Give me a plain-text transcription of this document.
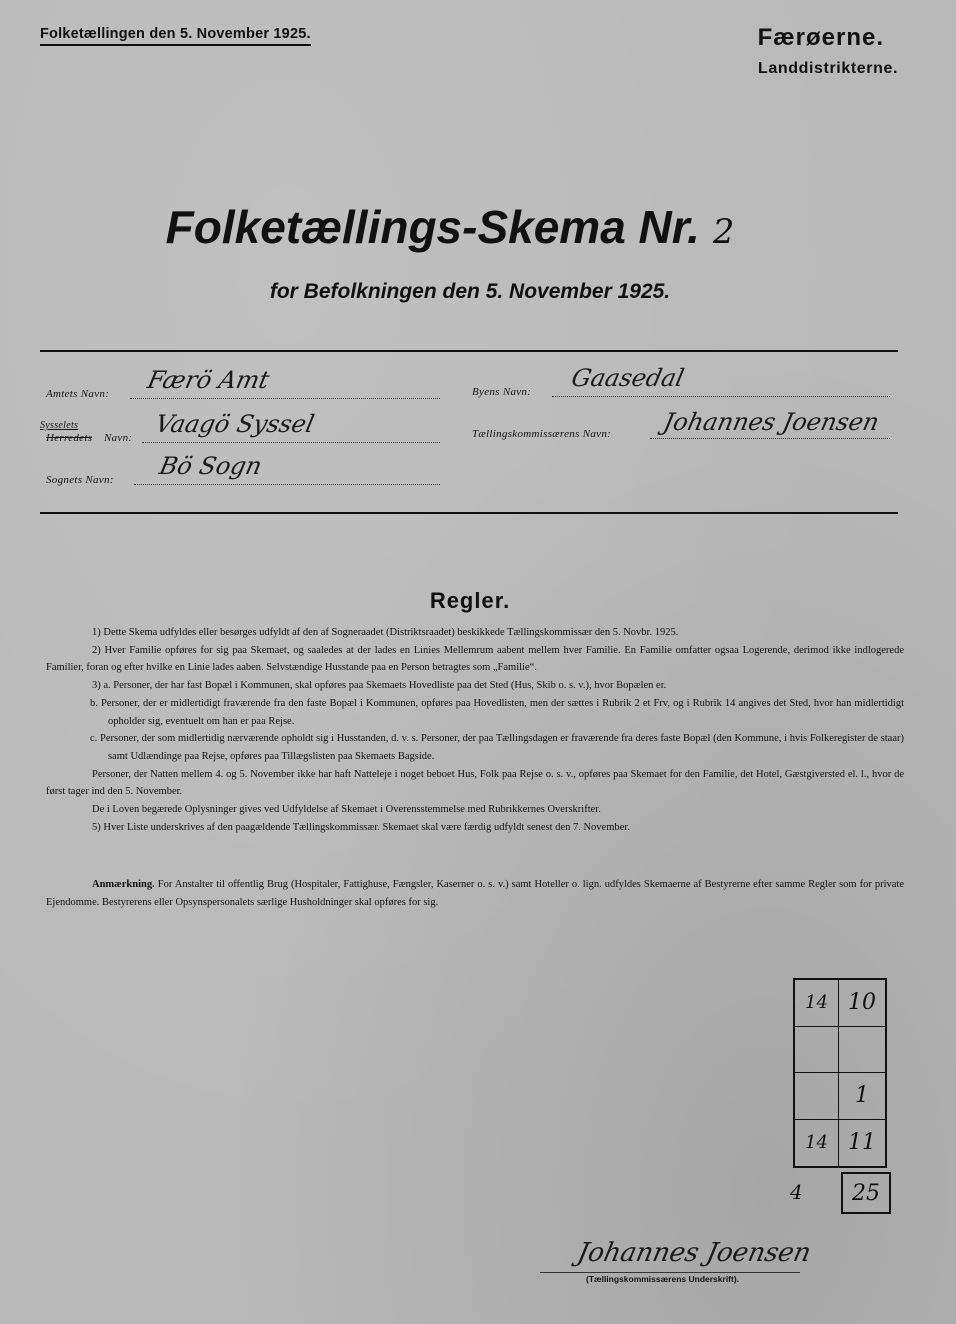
Folketællingen den 5. November 1925.	Færøerne.
Landdistrikterne.
Folketællings-Skema Nr. 2
for Befolkningen den 5. November 1925.
Amtets Navn: Færö Amt
Sysselets
Herredets Navn: Vaagö Syssel
Sognets Navn: Bö Sogn
Byens Navn: Gaasedal
Tællingskommissærens Navn: Johannes Joensen
Regler.

1) Dette Skema udfyldes eller besørges udfyldt af den af Sogneraadet (Distriktsraadet) beskikkede Tællingskommissær den 5. Novbr. 1925.

2) Hver Familie opføres for sig paa Skemaet, og saaledes at der lades en Linies Mellemrum aabent mellem hver Familie. En Familie omfatter ogsaa Logerende, derimod ikke indlogerede Familier, foran og efter hvilke en Linie lades aaben. Selvstændige Husstande paa en Person betragtes som „Familie“.

3) a. Personer, der har fast Bopæl i Kommunen, skal opføres paa Skemaets Hovedliste paa det Sted (Hus, Skib o. s. v.), hvor Bopælen er.

b. Personer, der er midlertidigt fraværende fra den faste Bopæl i Kommunen, opføres paa Hovedlisten, men der sættes i Rubrik 2 et Frv, og i Rubrik 14 angives det Sted, hvor han midlertidigt opholder sig, eventuelt om han er paa Rejse.

c. Personer, der som midlertidig nærværende opholdt sig i Husstanden, d. v. s. Personer, der paa Tællingsdagen er fraværende fra deres faste Bopæl (den Kommune, i hvis Folkeregister de staar) samt Udlændinge paa Rejse, opføres paa Tillægslisten paa Skemaets Bagside.

Personer, der Natten mellem 4. og 5. November ikke har haft Natteleje i noget beboet Hus, Folk paa Rejse o. s. v., opføres paa Skemaet for den Familie, det Hotel, Gæstgiversted el. l., hvor de først tager ind den 5. November.

De i Loven begærede Oplysninger gives ved Udfyldelse af Skemaet i Overensstemmelse med Rubrikkernes Overskrifter.

5) Hver Liste underskrives af den paagældende Tællingskommissær. Skemaet skal være færdig udfyldt senest den 7. November.

Anmærkning. For Anstalter til offentlig Brug (Hospitaler, Fattighuse, Fængsler, Kaserner o. s. v.) samt Hoteller o. lign. udfyldes Skemaerne af Bestyrerne efter samme Regler som for private Ejendomme. Bestyrerens eller Opsynspersonalets særlige Husholdninger skal opføres for sig.
14 10
1
14 11
4	25
Johannes Joensen
(Tællingskommissærens Underskrift).
